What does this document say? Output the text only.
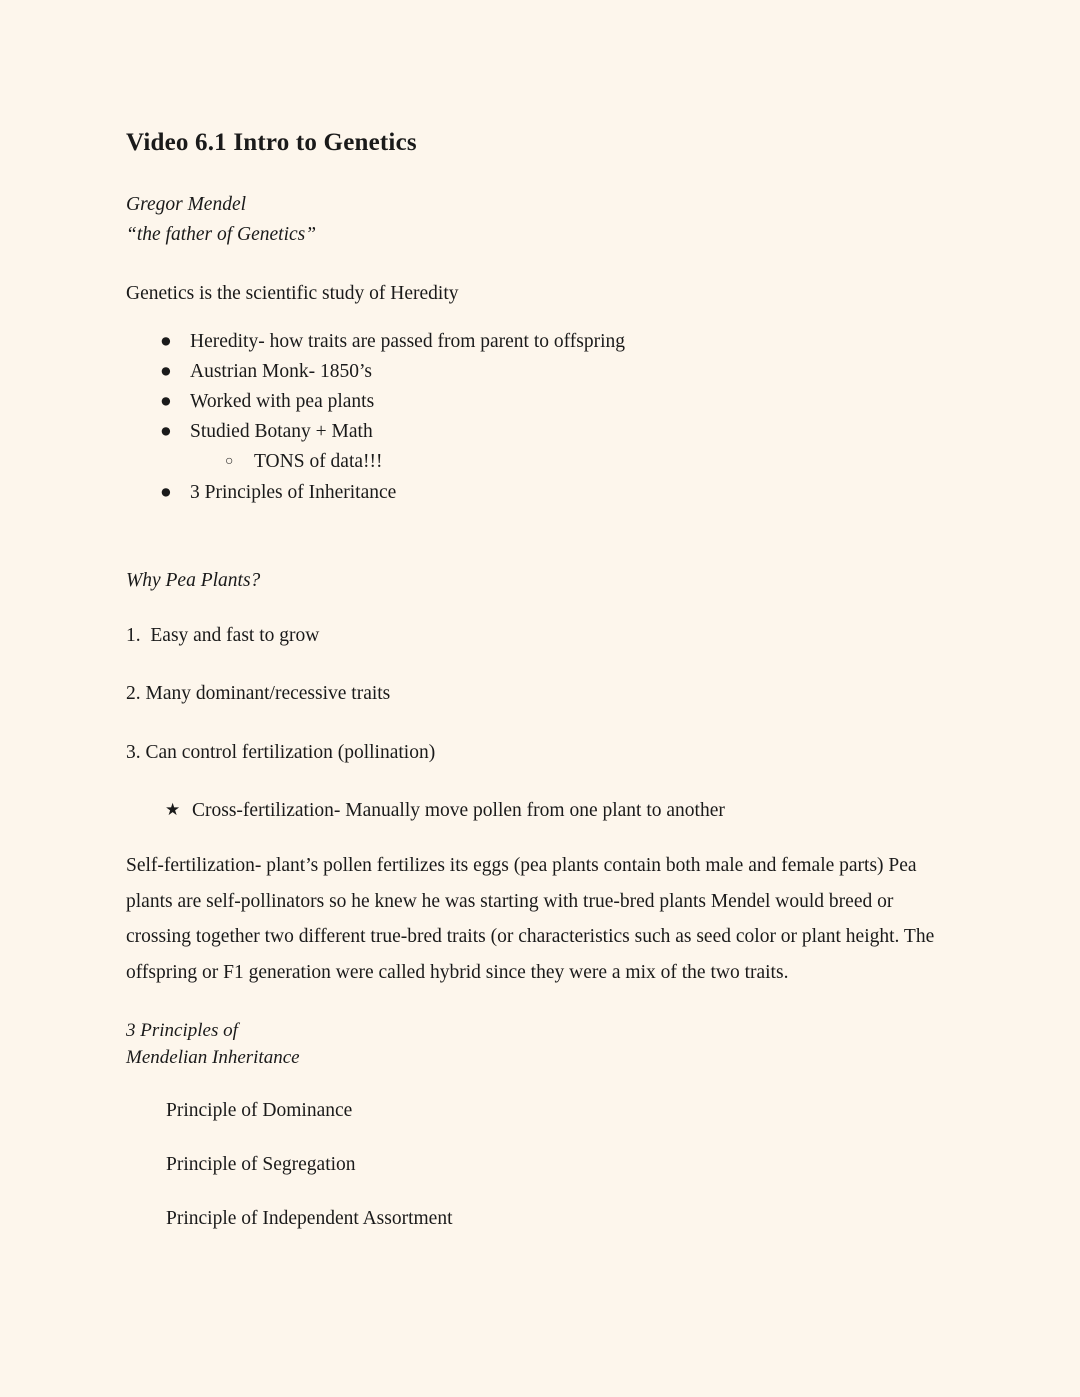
Video 6.1 Intro to Genetics
Gregor Mendel
“the father of Genetics”

Genetics is the scientific study of Heredity

● Heredity- how traits are passed from parent to offspring
● Austrian Monk- 1850’s
● Worked with pea plants
● Studied Botany + Math
○ TONS of data!!!
● 3 Principles of Inheritance

Why Pea Plants?

1.  Easy and fast to grow
2. Many dominant/recessive traits
3. Can control fertilization (pollination)
★ Cross-fertilization- Manually move pollen from one plant to another

Self-fertilization- plant’s pollen fertilizes its eggs (pea plants contain both male and female parts) Pea plants are self-pollinators so he knew he was starting with true-bred plants Mendel would breed or crossing together two different true-bred traits (or characteristics such as seed color or plant height. The offspring or F1 generation were called hybrid since they were a mix of the two traits.

3 Principles of
Mendelian Inheritance
Principle of Dominance
Principle of Segregation
Principle of Independent Assortment
